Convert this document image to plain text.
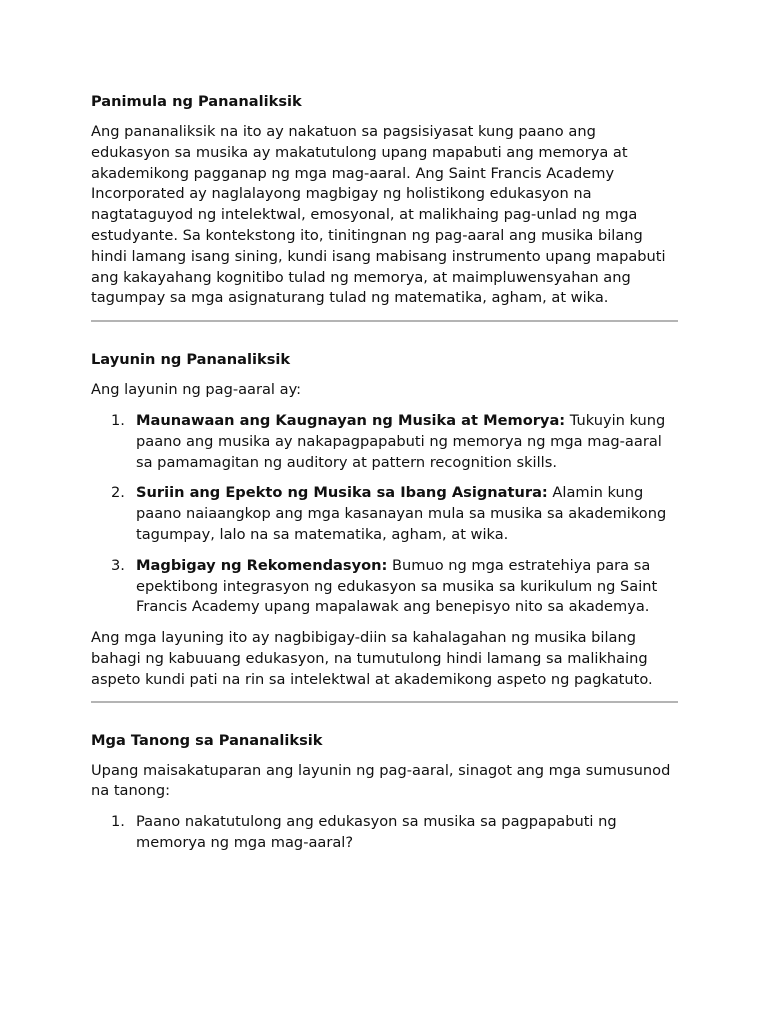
Panimula ng Pananaliksik

Ang pananaliksik na ito ay nakatuon sa pagsisiyasat kung paano ang edukasyon sa musika ay makatutulong upang mapabuti ang memorya at akademikong pagganap ng mga mag-aaral. Ang Saint Francis Academy Incorporated ay naglalayong magbigay ng holistikong edukasyon na nagtataguyod ng intelektwal, emosyonal, at malikhaing pag-unlad ng mga estudyante. Sa kontekstong ito, tinitingnan ng pag-aaral ang musika bilang hindi lamang isang sining, kundi isang mabisang instrumento upang mapabuti ang kakayahang kognitibo tulad ng memorya, at maimpluwensyahan ang tagumpay sa mga asignaturang tulad ng matematika, agham, at wika.

Layunin ng Pananaliksik

Ang layunin ng pag-aaral ay:

1. Maunawaan ang Kaugnayan ng Musika at Memorya: Tukuyin kung paano ang musika ay nakapagpapabuti ng memorya ng mga mag-aaral sa pamamagitan ng auditory at pattern recognition skills.
2. Suriin ang Epekto ng Musika sa Ibang Asignatura: Alamin kung paano naiaangkop ang mga kasanayan mula sa musika sa akademikong tagumpay, lalo na sa matematika, agham, at wika.
3. Magbigay ng Rekomendasyon: Bumuo ng mga estratehiya para sa epektibong integrasyon ng edukasyon sa musika sa kurikulum ng Saint Francis Academy upang mapalawak ang benepisyo nito sa akademya.

Ang mga layuning ito ay nagbibigay-diin sa kahalagahan ng musika bilang bahagi ng kabuuang edukasyon, na tumutulong hindi lamang sa malikhaing aspeto kundi pati na rin sa intelektwal at akademikong aspeto ng pagkatuto.

Mga Tanong sa Pananaliksik

Upang maisakatuparan ang layunin ng pag-aaral, sinagot ang mga sumusunod na tanong:

1. Paano nakatutulong ang edukasyon sa musika sa pagpapabuti ng memorya ng mga mag-aaral?
